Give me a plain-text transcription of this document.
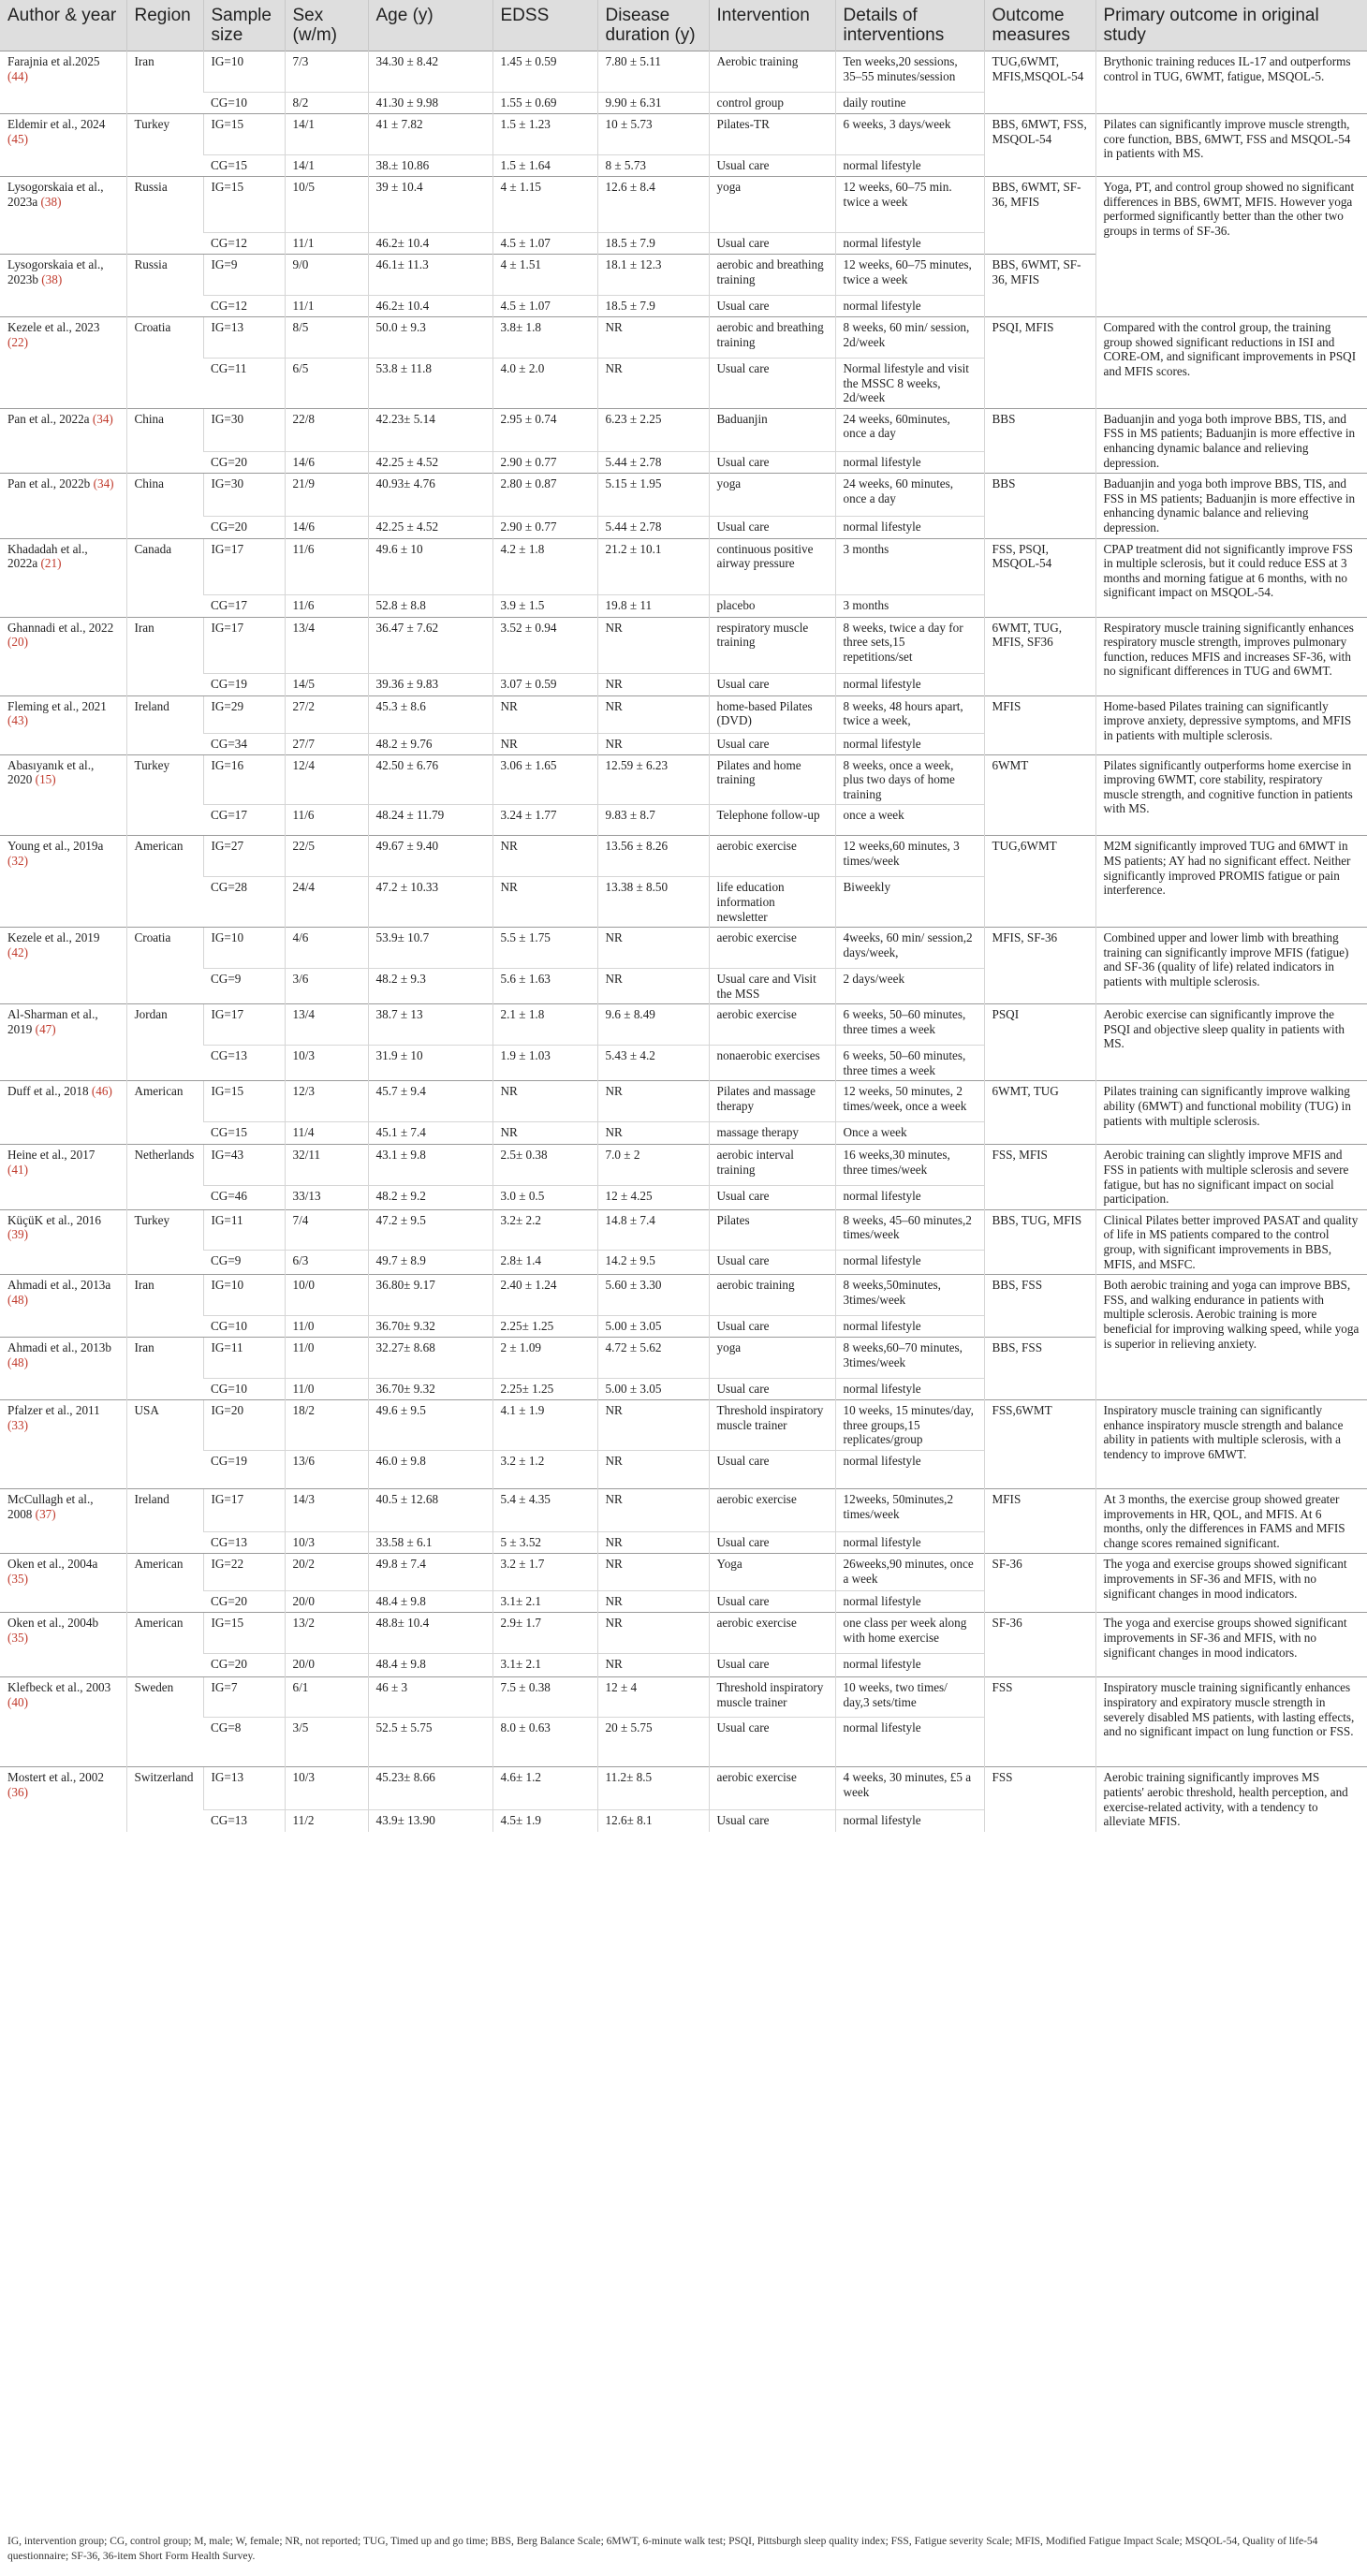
Author & year	Region	Sample size	Sex (w/m)	Age (y)	EDSS	Disease duration (y)	Intervention	Details of interventions	Outcome measures	Primary outcome in original study
Farajnia et al.2025 (44)	Iran	IG=10	7/3	34.30 ± 8.42	1.45 ± 0.59	7.80 ± 5.11	Aerobic training	Ten weeks,20 sessions, 35–55 minutes/session	TUG,6WMT, MFIS,MSQOL-54	Brythonic training reduces IL-17 and outperforms control in TUG, 6WMT, fatigue, MSQOL-5.
		CG=10	8/2	41.30 ± 9.98	1.55 ± 0.69	9.90 ± 6.31	control group	daily routine		
Eldemir et al., 2024 (45)	Turkey	IG=15	14/1	41 ± 7.82	1.5 ± 1.23	10 ± 5.73	Pilates-TR	6 weeks, 3 days/week	BBS, 6MWT, FSS, MSQOL-54	Pilates can significantly improve muscle strength, core function, BBS, 6MWT, FSS and MSQOL-54 in patients with MS.
		CG=15	14/1	38.± 10.86	1.5 ± 1.64	8 ± 5.73	Usual care	normal lifestyle		
Lysogorskaia et al., 2023a (38)	Russia	IG=15	10/5	39 ± 10.4	4 ± 1.15	12.6 ± 8.4	yoga	12 weeks, 60–75 min. twice a week	BBS, 6WMT, SF-36, MFIS	Yoga, PT, and control group showed no significant differences in BBS, 6WMT, MFIS. However yoga performed significantly better than the other two groups in terms of SF-36.
		CG=12	11/1	46.2± 10.4	4.5 ± 1.07	18.5 ± 7.9	Usual care	normal lifestyle		
Lysogorskaia et al., 2023b (38)	Russia	IG=9	9/0	46.1± 11.3	4 ± 1.51	18.1 ± 12.3	aerobic and breathing training	12 weeks, 60–75 minutes, twice a week	BBS, 6WMT, SF-36, MFIS	
		CG=12	11/1	46.2± 10.4	4.5 ± 1.07	18.5 ± 7.9	Usual care	normal lifestyle		
Kezele et al., 2023 (22)	Croatia	IG=13	8/5	50.0 ± 9.3	3.8± 1.8	NR	aerobic and breathing training	8 weeks, 60 min/ session, 2d/week	PSQI, MFIS	Compared with the control group, the training group showed significant reductions in ISI and CORE-OM, and significant improvements in PSQI and MFIS scores.
		CG=11	6/5	53.8 ± 11.8	4.0 ± 2.0	NR	Usual care	Normal lifestyle and visit the MSSC 8 weeks, 2d/week		
Pan et al., 2022a (34)	China	IG=30	22/8	42.23± 5.14	2.95 ± 0.74	6.23 ± 2.25	Baduanjin	24 weeks, 60minutes, once a day	BBS	Baduanjin and yoga both improve BBS, TIS, and FSS in MS patients; Baduanjin is more effective in enhancing dynamic balance and relieving depression.
		CG=20	14/6	42.25 ± 4.52	2.90 ± 0.77	5.44 ± 2.78	Usual care	normal lifestyle		
Pan et al., 2022b (34)	China	IG=30	21/9	40.93± 4.76	2.80 ± 0.87	5.15 ± 1.95	yoga	24 weeks, 60 minutes, once a day	BBS	Baduanjin and yoga both improve BBS, TIS, and FSS in MS patients; Baduanjin is more effective in enhancing dynamic balance and relieving depression.
		CG=20	14/6	42.25 ± 4.52	2.90 ± 0.77	5.44 ± 2.78	Usual care	normal lifestyle		
Khadadah et al., 2022a (21)	Canada	IG=17	11/6	49.6 ± 10	4.2 ± 1.8	21.2 ± 10.1	continuous positive airway pressure	3 months	FSS, PSQI, MSQOL-54	CPAP treatment did not significantly improve FSS in multiple sclerosis, but it could reduce ESS at 3 months and morning fatigue at 6 months, with no significant impact on MSQOL-54.
		CG=17	11/6	52.8 ± 8.8	3.9 ± 1.5	19.8 ± 11	placebo	3 months		
Ghannadi et al., 2022 (20)	Iran	IG=17	13/4	36.47 ± 7.62	3.52 ± 0.94	NR	respiratory muscle training	8 weeks, twice a day for three sets,15 repetitions/set	6WMT, TUG, MFIS, SF36	Respiratory muscle training significantly enhances respiratory muscle strength, improves pulmonary function, reduces MFIS and increases SF-36, with no significant differences in TUG and 6WMT.
		CG=19	14/5	39.36 ± 9.83	3.07 ± 0.59	NR	Usual care	normal lifestyle		
Fleming et al., 2021 (43)	Ireland	IG=29	27/2	45.3 ± 8.6	NR	NR	home-based Pilates (DVD)	8 weeks, 48 hours apart, twice a week,	MFIS	Home-based Pilates training can significantly improve anxiety, depressive symptoms, and MFIS in patients with multiple sclerosis.
		CG=34	27/7	48.2 ± 9.76	NR	NR	Usual care	normal lifestyle		
Abasıyanık et al., 2020 (15)	Turkey	IG=16	12/4	42.50 ± 6.76	3.06 ± 1.65	12.59 ± 6.23	Pilates and home training	8 weeks, once a week, plus two days of home training	6WMT	Pilates significantly outperforms home exercise in improving 6WMT, core stability, respiratory muscle strength, and cognitive function in patients with MS.
		CG=17	11/6	48.24 ± 11.79	3.24 ± 1.77	9.83 ± 8.7	Telephone follow-up	once a week		
Young et al., 2019a (32)	American	IG=27	22/5	49.67 ± 9.40	NR	13.56 ± 8.26	aerobic exercise	12 weeks,60 minutes, 3 times/week	TUG,6WMT	M2M significantly improved TUG and 6MWT in MS patients; AY had no significant effect. Neither significantly improved PROMIS fatigue or pain interference.
		CG=28	24/4	47.2 ± 10.33	NR	13.38 ± 8.50	life education information newsletter	Biweekly		
Kezele et al., 2019 (42)	Croatia	IG=10	4/6	53.9± 10.7	5.5 ± 1.75	NR	aerobic exercise	4weeks, 60 min/ session,2 days/week,	MFIS, SF-36	Combined upper and lower limb with breathing training can significantly improve MFIS (fatigue) and SF-36 (quality of life) related indicators in patients with multiple sclerosis.
		CG=9	3/6	48.2 ± 9.3	5.6 ± 1.63	NR	Usual care and Visit the MSS	2 days/week		
Al-Sharman et al., 2019 (47)	Jordan	IG=17	13/4	38.7 ± 13	2.1 ± 1.8	9.6 ± 8.49	aerobic exercise	6 weeks, 50–60 minutes, three times a week	PSQI	Aerobic exercise can significantly improve the PSQI and objective sleep quality in patients with MS.
		CG=13	10/3	31.9 ± 10	1.9 ± 1.03	5.43 ± 4.2	nonaerobic exercises	6 weeks, 50–60 minutes, three times a week		
Duff et al., 2018 (46)	American	IG=15	12/3	45.7 ± 9.4	NR	NR	Pilates and massage therapy	12 weeks, 50 minutes, 2 times/week, once a week	6WMT, TUG	Pilates training can significantly improve walking ability (6MWT) and functional mobility (TUG) in patients with multiple sclerosis.
		CG=15	11/4	45.1 ± 7.4	NR	NR	massage therapy	Once a week		
Heine et al., 2017 (41)	Netherlands	IG=43	32/11	43.1 ± 9.8	2.5± 0.38	7.0 ± 2	aerobic interval training	16 weeks,30 minutes, three times/week	FSS, MFIS	Aerobic training can slightly improve MFIS and FSS in patients with multiple sclerosis and severe fatigue, but has no significant impact on social participation.
		CG=46	33/13	48.2 ± 9.2	3.0 ± 0.5	12 ± 4.25	Usual care	normal lifestyle		
KüçüK et al., 2016 (39)	Turkey	IG=11	7/4	47.2 ± 9.5	3.2± 2.2	14.8 ± 7.4	Pilates	8 weeks, 45–60 minutes,2 times/week	BBS, TUG, MFIS	Clinical Pilates better improved PASAT and quality of life in MS patients compared to the control group, with significant improvements in BBS, MFIS, and MSFC.
		CG=9	6/3	49.7 ± 8.9	2.8± 1.4	14.2 ± 9.5	Usual care	normal lifestyle		
Ahmadi et al., 2013a (48)	Iran	IG=10	10/0	36.80± 9.17	2.40 ± 1.24	5.60 ± 3.30	aerobic training	8 weeks,50minutes, 3times/week	BBS, FSS	Both aerobic training and yoga can improve BBS, FSS, and walking endurance in patients with multiple sclerosis. Aerobic training is more beneficial for improving walking speed, while yoga is superior in relieving anxiety.
		CG=10	11/0	36.70± 9.32	2.25± 1.25	5.00 ± 3.05	Usual care	normal lifestyle		
Ahmadi et al., 2013b (48)	Iran	IG=11	11/0	32.27± 8.68	2 ± 1.09	4.72 ± 5.62	yoga	8 weeks,60–70 minutes, 3times/week	BBS, FSS	
		CG=10	11/0	36.70± 9.32	2.25± 1.25	5.00 ± 3.05	Usual care	normal lifestyle		
Pfalzer et al., 2011 (33)	USA	IG=20	18/2	49.6 ± 9.5	4.1 ± 1.9	NR	Threshold inspiratory muscle trainer	10 weeks, 15 minutes/day, three groups,15 replicates/group	FSS,6WMT	Inspiratory muscle training can significantly enhance inspiratory muscle strength and balance ability in patients with multiple sclerosis, with a tendency to improve 6MWT.
		CG=19	13/6	46.0 ± 9.8	3.2 ± 1.2	NR	Usual care	normal lifestyle		
McCullagh et al., 2008 (37)	Ireland	IG=17	14/3	40.5 ± 12.68	5.4 ± 4.35	NR	aerobic exercise	12weeks, 50minutes,2 times/week	MFIS	At 3 months, the exercise group showed greater improvements in HR, QOL, and MFIS. At 6 months, only the differences in FAMS and MFIS change scores remained significant.
		CG=13	10/3	33.58 ± 6.1	5 ± 3.52	NR	Usual care	normal lifestyle		
Oken et al., 2004a (35)	American	IG=22	20/2	49.8 ± 7.4	3.2 ± 1.7	NR	Yoga	26weeks,90 minutes, once a week	SF-36	The yoga and exercise groups showed significant improvements in SF-36 and MFIS, with no significant changes in mood indicators.
		CG=20	20/0	48.4 ± 9.8	3.1± 2.1	NR	Usual care	normal lifestyle		
Oken et al., 2004b (35)	American	IG=15	13/2	48.8± 10.4	2.9± 1.7	NR	aerobic exercise	one class per week along with home exercise	SF-36	The yoga and exercise groups showed significant improvements in SF-36 and MFIS, with no significant changes in mood indicators.
		CG=20	20/0	48.4 ± 9.8	3.1± 2.1	NR	Usual care	normal lifestyle		
Klefbeck et al., 2003 (40)	Sweden	IG=7	6/1	46 ± 3	7.5 ± 0.38	12 ± 4	Threshold inspiratory muscle trainer	10 weeks, two times/ day,3 sets/time	FSS	Inspiratory muscle training significantly enhances inspiratory and expiratory muscle strength in severely disabled MS patients, with lasting effects, and no significant impact on lung function or FSS.
		CG=8	3/5	52.5 ± 5.75	8.0 ± 0.63	20 ± 5.75	Usual care	normal lifestyle		
Mostert et al., 2002 (36)	Switzerland	IG=13	10/3	45.23± 8.66	4.6± 1.2	11.2± 8.5	aerobic exercise	4 weeks, 30 minutes, £5 a week	FSS	Aerobic training significantly improves MS patients' aerobic threshold, health perception, and exercise-related activity, with a tendency to alleviate MFIS.
		CG=13	11/2	43.9± 13.90	4.5± 1.9	12.6± 8.1	Usual care	normal lifestyle		
IG, intervention group; CG, control group; M, male; W, female; NR, not reported; TUG, Timed up and go time; BBS, Berg Balance Scale; 6MWT, 6-minute walk test; PSQI, Pittsburgh sleep quality index; FSS, Fatigue severity Scale; MFIS, Modified Fatigue Impact Scale; MSQOL-54, Quality of life-54 questionnaire; SF-36, 36-item Short Form Health Survey.
